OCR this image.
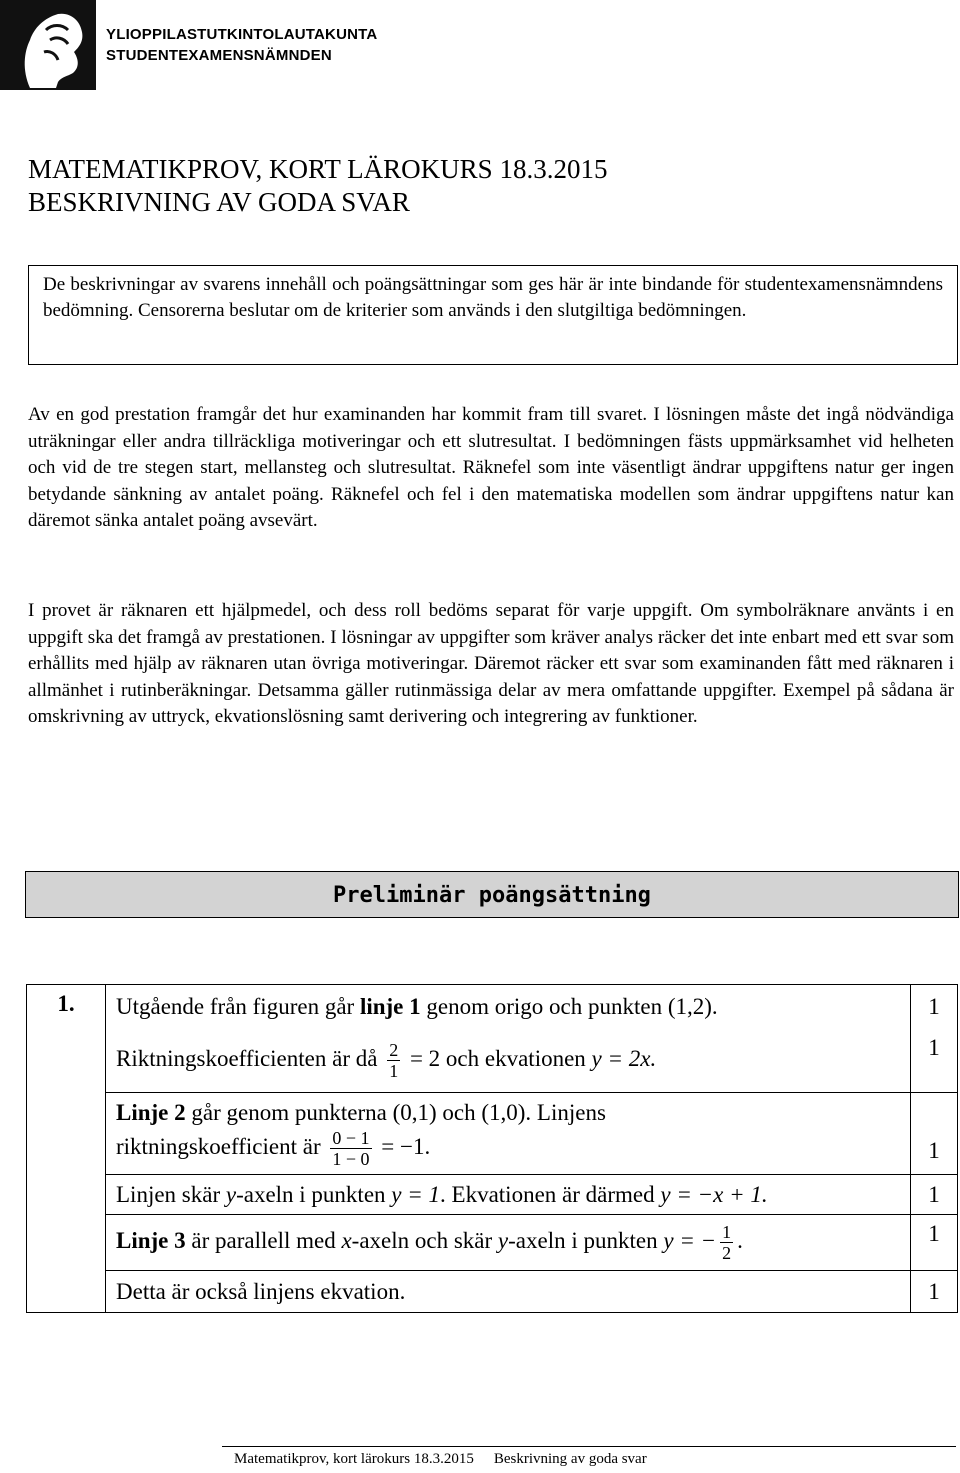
YLIOPPILASTUTKINTOLAUTAKUNTA
STUDENTEXAMENSNÄMNDEN
MATEMATIKPROV, KORT LÄROKURS 18.3.2015
BESKRIVNING AV GODA SVAR
De beskrivningar av svarens innehåll och poängsättningar som ges här är inte bindande för studentexamensnämndens bedömning. Censorerna beslutar om de kriterier som används i den slutgiltiga bedömningen.
Av en god prestation framgår det hur examinanden har kommit fram till svaret. I lösningen måste det ingå nödvändiga uträkningar eller andra tillräckliga motiveringar och ett slutresultat. I bedömningen fästs uppmärksamhet vid helheten och vid de tre stegen start, mellansteg och slutresultat. Räknefel som inte väsentligt ändrar uppgiftens natur ger ingen betydande sänkning av antalet poäng. Räknefel och fel i den matematiska modellen som ändrar uppgiftens natur kan däremot sänka antalet poäng avsevärt.
I provet är räknaren ett hjälpmedel, och dess roll bedöms separat för varje uppgift. Om symbolräknare använts i en uppgift ska det framgå av prestationen. I lösningar av uppgifter som kräver analys räcker det inte enbart med ett svar som erhållits med hjälp av räknaren utan övriga motiveringar. Däremot räcker ett svar som examinanden fått med räknaren i allmänhet i rutinberäkningar. Detsamma gäller rutinmässiga delar av mera omfattande uppgifter. Exempel på sådana är omskrivning av uttryck, ekvationslösning samt derivering och integrering av funktioner.
Preliminär poängsättning
1.	Utgående från figuren går linje 1 genom origo och punkten (1,2).	1
	Riktningskoefficienten är då $\frac{2}{1} = 2$ och ekvationen y = 2x.	1

	Linje 2 går genom punkterna (0,1) och (1,0). Linjens
riktningskoefficient är $\frac{0 - 1}{1 - 0} = -1$.	1
	Linjen skär y-axeln i punkten y = 1. Ekvationen är därmed y = −x + 1.	1
	Linje 3 är parallell med x-axeln och skär y-axeln i punkten y = − $\frac{1}{2}$ .	1
	Detta är också linjens ekvation.	1
Matematikprov, kort lärokurs 18.3.2015 Beskrivning av goda svar
